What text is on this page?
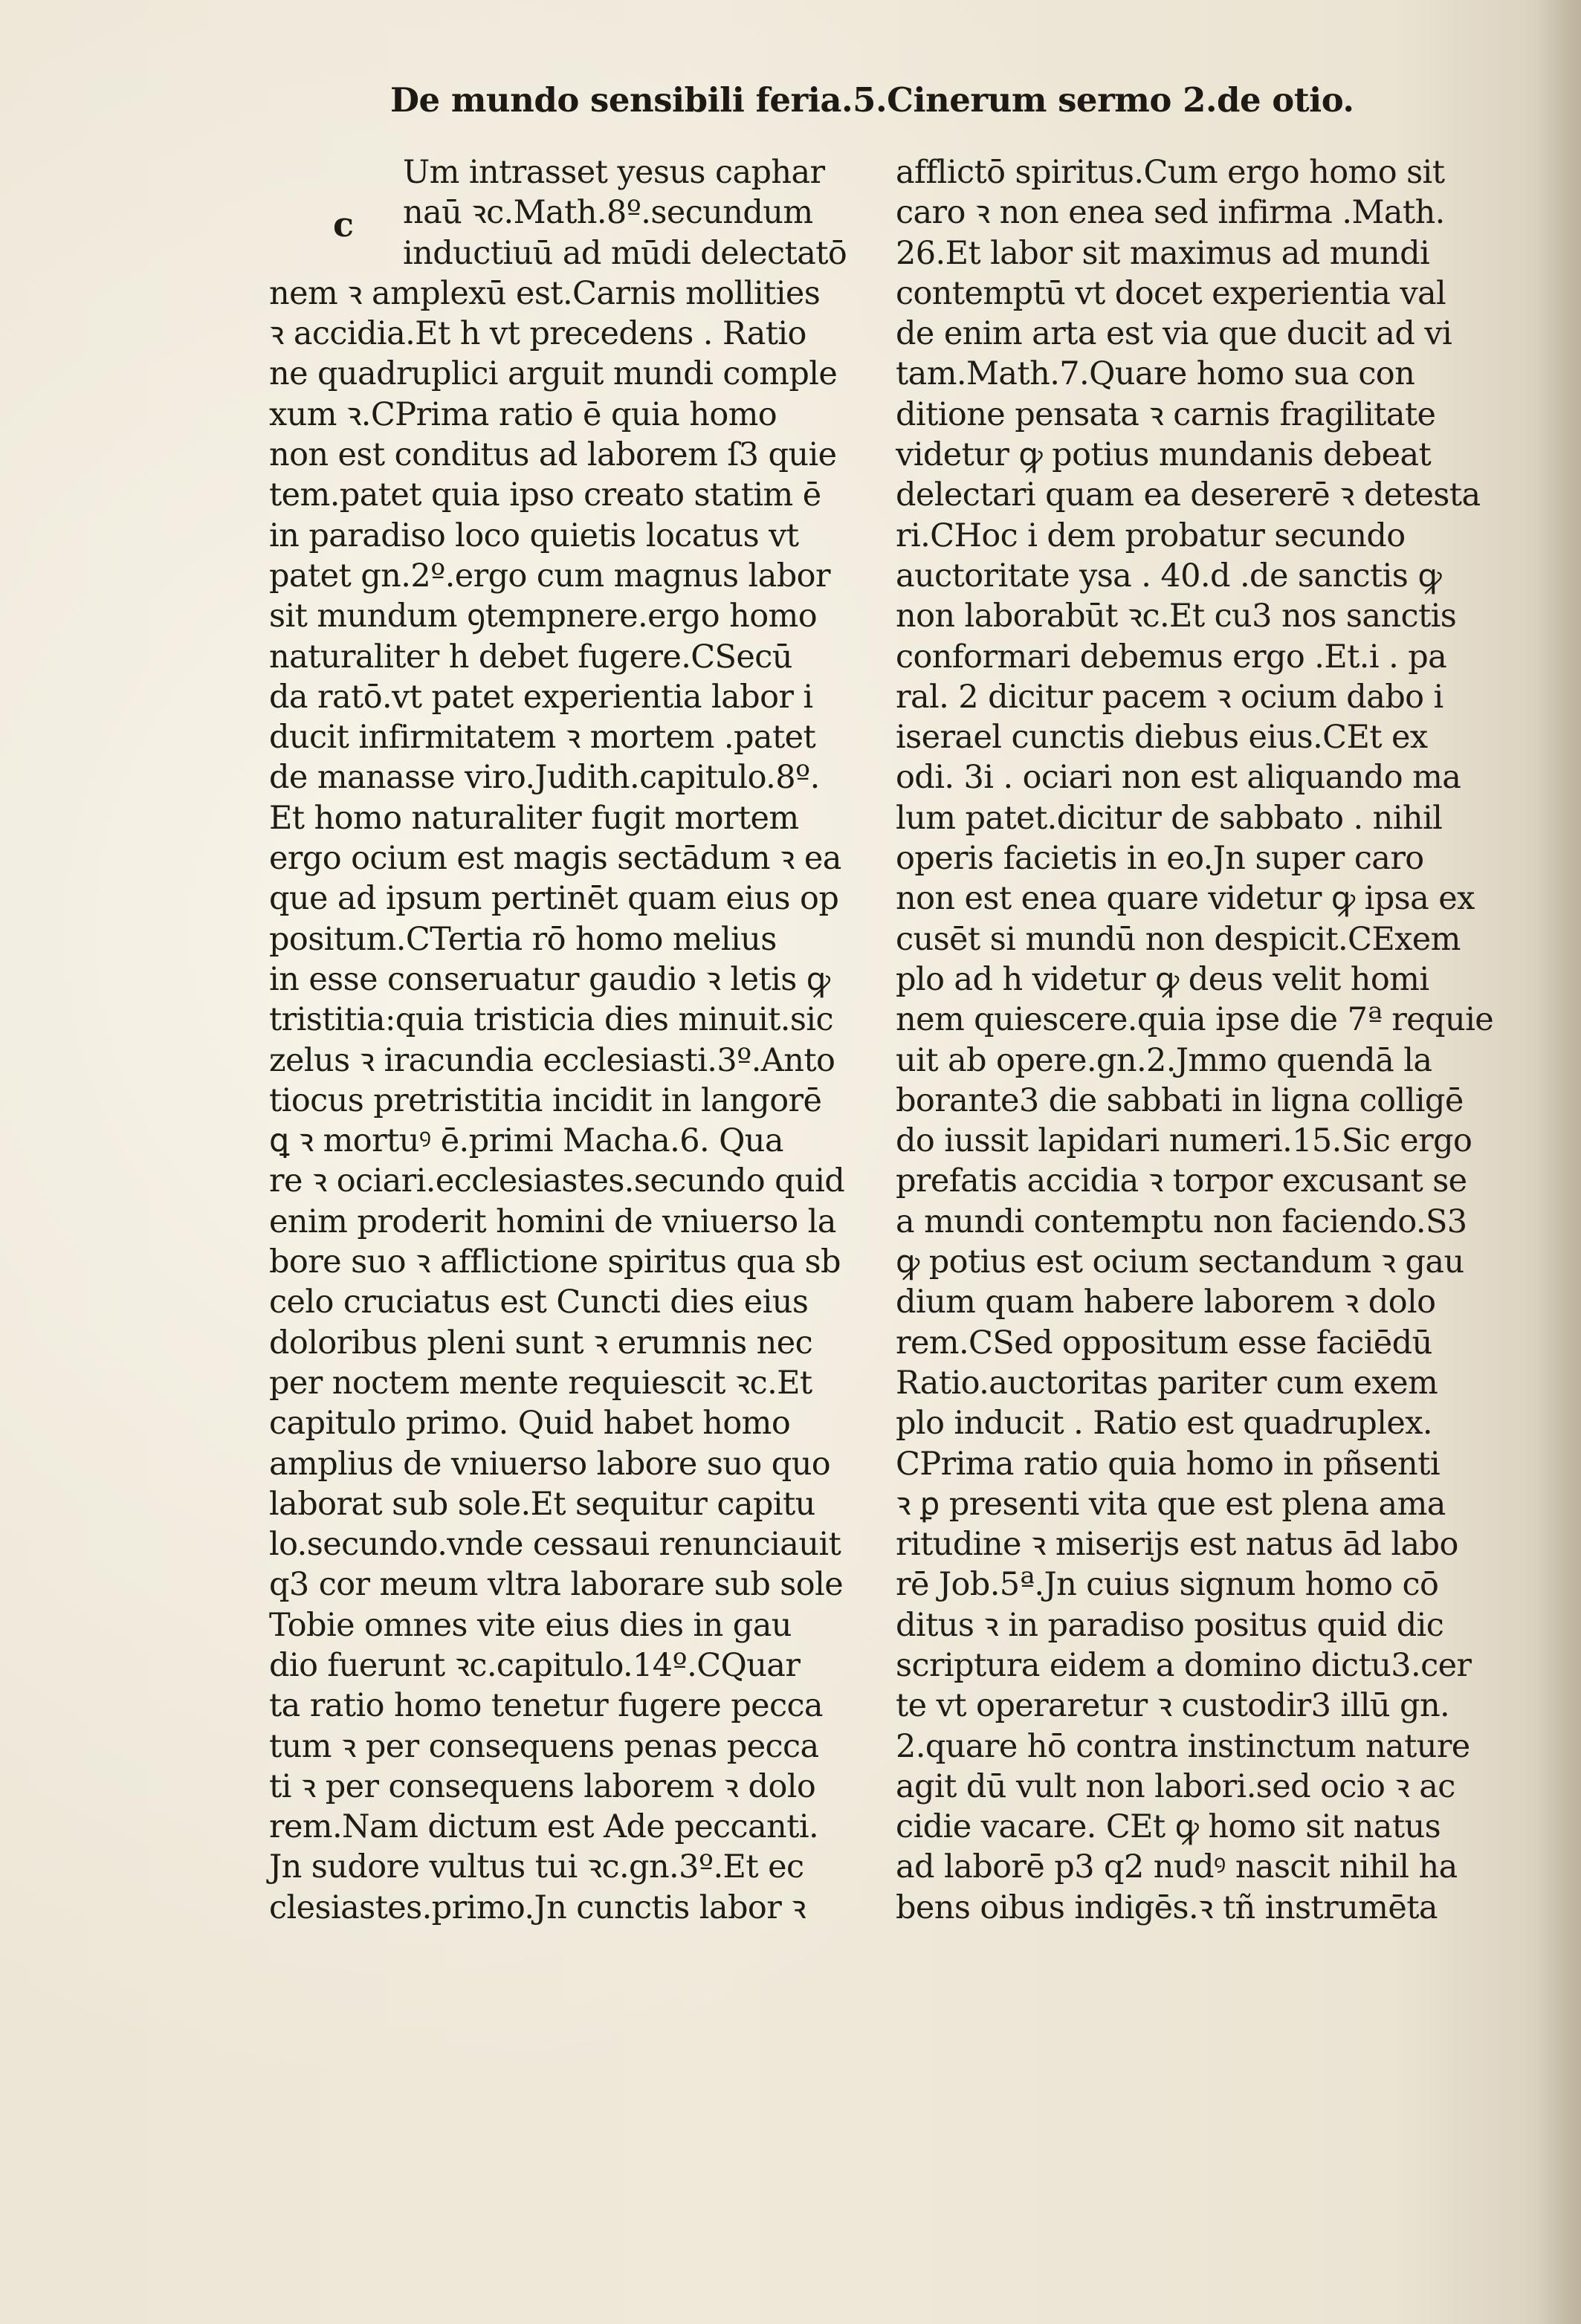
De mundo sensibili feria.5.Cinerum sermo 2.de otio.
c
Um intrasset yesus caphar
naū ꝛc.Math.8º.secundum
inductiuū ad mūdi delectatō
nem ꝛ amplexū est.Carnis mollities
ꝛ accidia.Et h vt precedens . Ratio
ne quadruplici arguit mundi comple
xum ꝛ.CPrima ratio ē quia homo
non est conditus ad laborem ſ3 quie
tem.patet quia ipso creato statim ē
in paradiso loco quietis locatus vt
patet gn.2º.ergo cum magnus labor
sit mundum ꝯtempnere.ergo homo
naturaliter h debet fugere.CSecū
da ratō.vt patet experientia labor i
ducit infirmitatem ꝛ mortem .patet
de manasse viro.Judith.capitulo.8º.
Et homo naturaliter fugit mortem
ergo ocium est magis sectādum ꝛ ea
que ad ipsum pertinēt quam eius op
positum.CTertia rō homo melius
in esse conseruatur gaudio ꝛ letis ꝙ
tristitia:quia tristicia dies minuit.sic
zelus ꝛ iracundia ecclesiasti.3º.Anto
tiocus pretristitia incidit in langorē
ꝗ ꝛ mortuꝰ ē.primi Macha.6. Qua
re ꝛ ociari.ecclesiastes.secundo quid
enim proderit homini de vniuerso la
bore suo ꝛ afflictione spiritus qua sb
celo cruciatus est Cuncti dies eius
doloribus pleni sunt ꝛ erumnis nec
per noctem mente requiescit ꝛc.Et
capitulo primo. Quid habet homo
amplius de vniuerso labore suo quo
laborat sub sole.Et sequitur capitu
lo.secundo.vnde cessaui renunciauit
q3 cor meum vltra laborare sub sole
Tobie omnes vite eius dies in gau
dio fuerunt ꝛc.capitulo.14º.CQuar
ta ratio homo tenetur fugere pecca
tum ꝛ per consequens penas pecca
ti ꝛ per consequens laborem ꝛ dolo
rem.Nam dictum est Ade peccanti.
Jn sudore vultus tui ꝛc.gn.3º.Et ec
clesiastes.primo.Jn cunctis labor ꝛ
afflictō spiritus.Cum ergo homo sit
caro ꝛ non enea sed infirma .Math.
26.Et labor sit maximus ad mundi
contemptū vt docet experientia val
de enim arta est via que ducit ad vi
tam.Math.7.Quare homo sua con
ditione pensata ꝛ carnis fragilitate
videtur ꝙ potius mundanis debeat
delectari quam ea desererē ꝛ detesta
ri.CHoc i dem probatur secundo
auctoritate ysa . 40.d .de sanctis ꝙ
non laborabūt ꝛc.Et cu3 nos sanctis
conformari debemus ergo .Et.i . pa
ral. 2 dicitur pacem ꝛ ocium dabo i
iserael cunctis diebus eius.CEt ex
odi. 3i . ociari non est aliquando ma
lum patet.dicitur de sabbato . nihil
operis facietis in eo.Jn super caro
non est enea quare videtur ꝙ ipsa ex
cusēt si mundū non despicit.CExem
plo ad h videtur ꝙ deus velit homi
nem quiescere.quia ipse die 7ª requie
uit ab opere.gn.2.Jmmo quendā la
borante3 die sabbati in ligna colligē
do iussit lapidari numeri.15.Sic ergo
prefatis accidia ꝛ torpor excusant se
a mundi contemptu non faciendo.S3
ꝙ potius est ocium sectandum ꝛ gau
dium quam habere laborem ꝛ dolo
rem.CSed oppositum esse faciēdū
Ratio.auctoritas pariter cum exem
plo inducit . Ratio est quadruplex.
CPrima ratio quia homo in pñsenti
ꝛ ꝑ presenti vita que est plena ama
ritudine ꝛ miserijs est natus ād labo
rē Job.5ª.Jn cuius signum homo cō
ditus ꝛ in paradiso positus quid dic
scriptura eidem a domino dictu3.cer
te vt operaretur ꝛ custodir3 illū gn.
2.quare hō contra instinctum nature
agit dū vult non labori.sed ocio ꝛ ac
cidie vacare. CEt ꝙ homo sit natus
ad laborē p3 q2 nudꝰ nascit nihil ha
bens oibus indigēs.ꝛ tñ instrumēta
